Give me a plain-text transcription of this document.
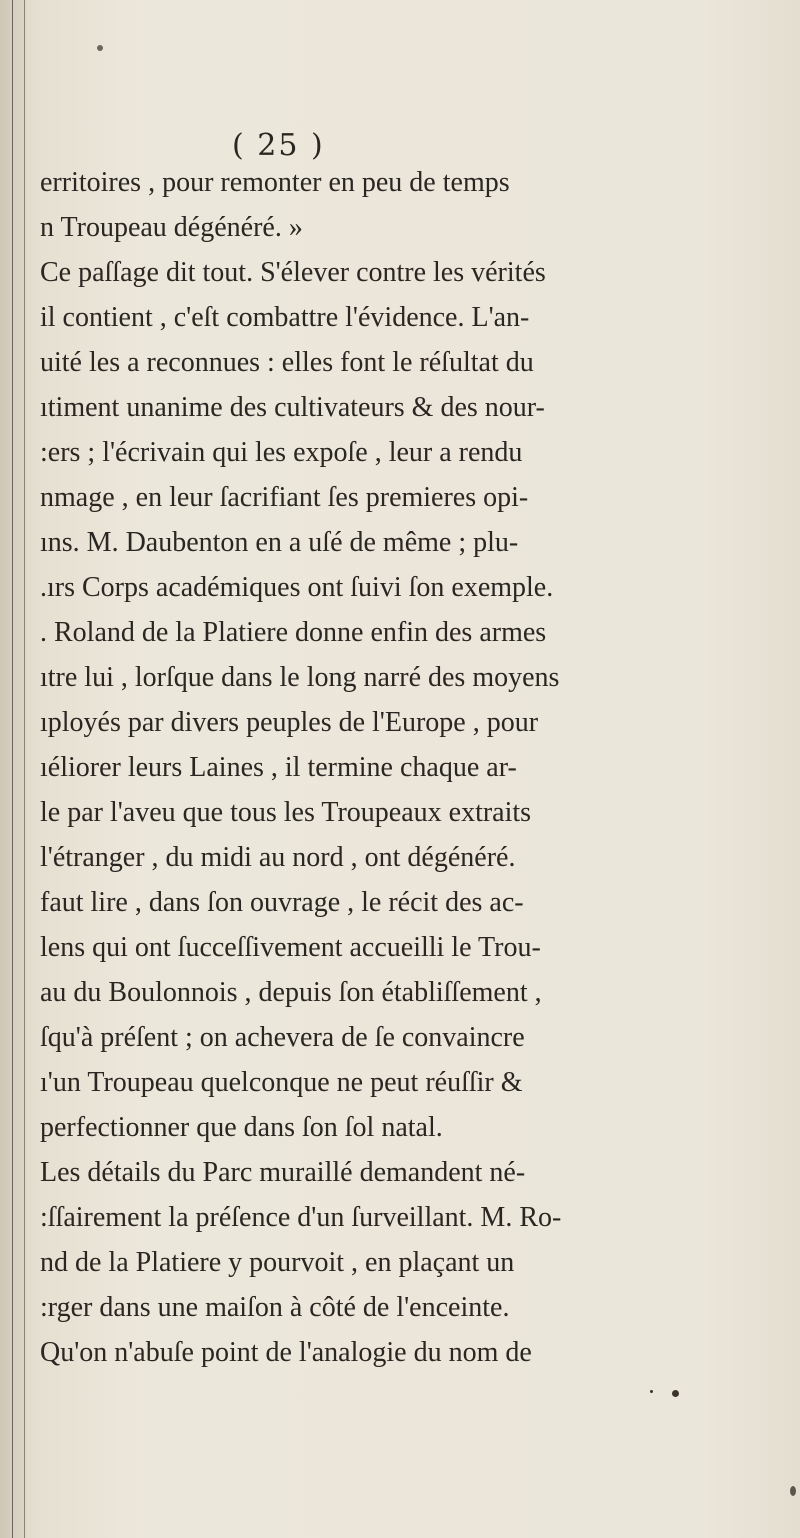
( 25 )
erritoires , pour remonter en peu de temps
n Troupeau dégénéré. »
Ce paſſage dit tout. S'élever contre les vérités
il contient , c'eſt combattre l'évidence. L'an-
uité les a reconnues : elles font le réſultat du
ıtiment unanime des cultivateurs & des nour-
:ers ; l'écrivain qui les expoſe , leur a rendu
nmage , en leur ſacrifiant ſes premieres opi-
ıns. M. Daubenton en a uſé de même ; plu-
.ırs Corps académiques ont ſuivi ſon exemple.
. Roland de la Platiere donne enfin des armes
ıtre lui , lorſque dans le long narré des moyens
ıployés par divers peuples de l'Europe , pour
ıéliorer leurs Laines , il termine chaque ar-
le par l'aveu que tous les Troupeaux extraits
l'étranger , du midi au nord , ont dégénéré.
faut lire , dans ſon ouvrage , le récit des ac-
lens qui ont ſucceſſivement accueilli le Trou-
au du Boulonnois , depuis ſon établiſſement ,
ſqu'à préſent ; on achevera de ſe convaincre
ı'un Troupeau quelconque ne peut réuſſir &
perfectionner que dans ſon ſol natal.
Les détails du Parc muraillé demandent né-
:ſſairement la préſence d'un ſurveillant. M. Ro-
nd de la Platiere y pourvoit , en plaçant un
:rger dans une maiſon à côté de l'enceinte.
Qu'on n'abuſe point de l'analogie du nom de
